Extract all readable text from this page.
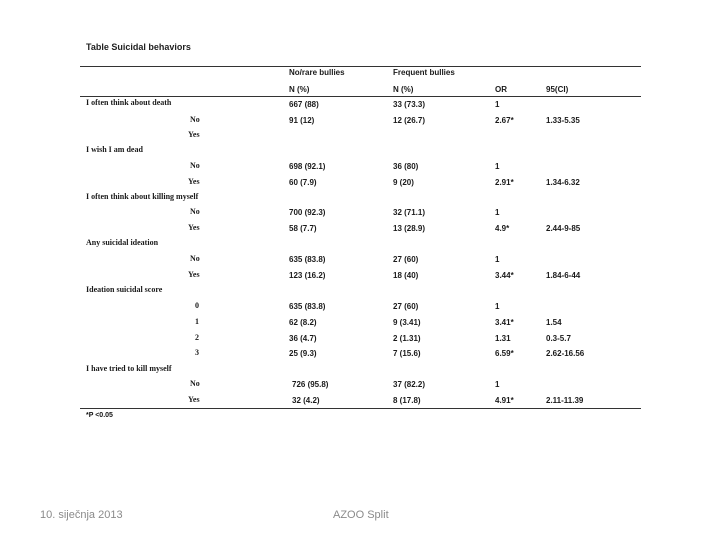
Table Suicidal behaviors
No/rare bullies	Frequent bullies
N (%)	N (%)	OR	95(CI)
I often think about death	667 (88)	33 (73.3)	1
No	91 (12)	12 (26.7)	2.67*	1.33-5.35
Yes
I wish I am dead
No	698 (92.1)	36 (80)	1
Yes	60 (7.9)	9 (20)	2.91*	1.34-6.32
I often think about killing myself
No	700 (92.3)	32 (71.1)	1
Yes	58 (7.7)	13 (28.9)	4.9*	2.44-9-85
Any suicidal ideation
No	635 (83.8)	27 (60)	1
Yes	123 (16.2)	18 (40)	3.44*	1.84-6-44
Ideation suicidal score
0	635 (83.8)	27 (60)	1
1	62 (8.2)	9 (3.41)	3.41*	1.54
2	36 (4.7)	2 (1.31)	1.31	0.3-5.7
3	25 (9.3)	7 (15.6)	6.59*	2.62-16.56
I have tried to kill myself
No	726 (95.8)	37 (82.2)	1
Yes	32 (4.2)	8 (17.8)	4.91*	2.11-11.39
*P <0.05
10. siječnja 2013	AZOO Split
